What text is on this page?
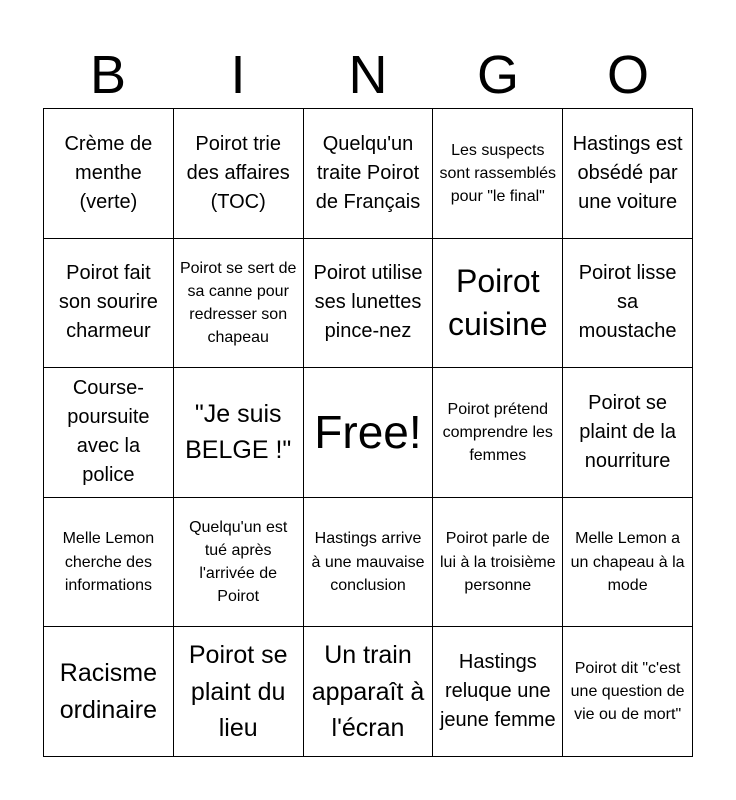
B	I	N	G	O
Crème de menthe (verte)
Poirot trie des affaires (TOC)
Quelqu'un traite Poirot de Français
Les suspects sont rassemblés pour "le final"
Hastings est obsédé par une voiture
Poirot fait son sourire charmeur
Poirot se sert de sa canne pour redresser son chapeau
Poirot utilise ses lunettes pince-nez
Poirot cuisine
Poirot lisse sa moustache
Course-poursuite avec la police
"Je suis BELGE !" Free!	Poirot prétend comprendre les femmes
Poirot se plaint de la nourriture
Melle Lemon cherche des informations
Quelqu'un est tué après l'arrivée de Poirot
Hastings arrive à une mauvaise conclusion
Poirot parle de lui à la troisième personne
Melle Lemon a un chapeau à la mode
Racisme ordinaire
Poirot se plaint du lieu
Un train apparaît à l'écran
Hastings reluque une jeune femme
Poirot dit "c'est une question de vie ou de mort"
